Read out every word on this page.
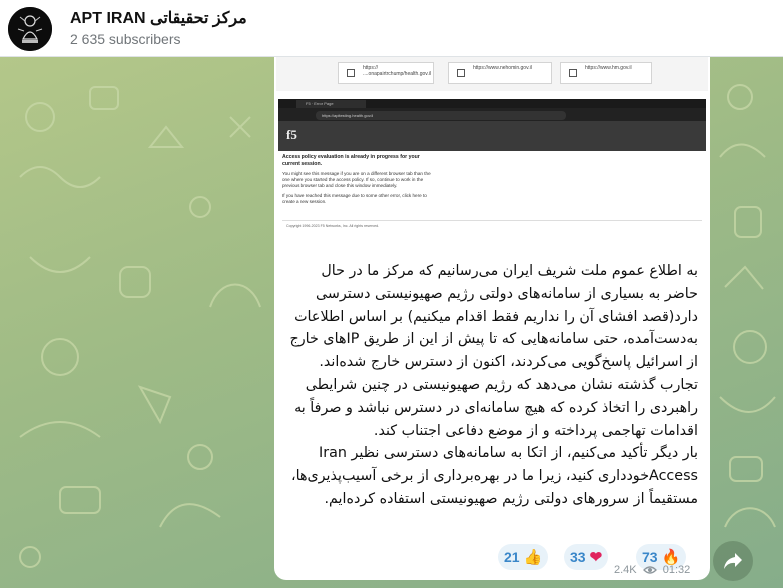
APT IRAN مرکز تحقیقاتی
2 635 subscribers
https://
....onapairtrchump/health.gov.il
https://www.nehomin.gov.il	https://www.hm.gov.il
F5 · Error Page
https://apitesting.health.gov.il
f5
Access policy evaluation is already in progress for your current session.
You might see this message if you are on a different browser tab than the one where you started the access policy. If so, continue to work in the previous browser tab and close this window immediately.
If you have reached this message due to some other error, click here to create a new session.
Copyright 1996-2023 F5 Networks, Inc. All rights reserved.

به اطلاع عموم ملت شریف ایران می‌رسانیم که مرکز ما در حال حاضر به بسیاری از سامانه‌های دولتی رژیم صهیونیستی دسترسی دارد(قصد افشای آن را نداریم فقط اقدام میکنیم) بر اساس اطلاعات به‌دست‌آمده، حتی سامانه‌هایی که تا پیش از این از طریق IPهای خارج از اسرائیل پاسخ‌گویی می‌کردند، اکنون از دسترس خارج شده‌اند. تجارب گذشته نشان می‌دهد که رژیم صهیونیستی در چنین شرایطی راهبردی را اتخاذ کرده که هیچ سامانه‌ای در دسترس نباشد و صرفاً به اقدامات تهاجمی پرداخته و از موضع دفاعی اجتناب کند.

بار دیگر تأکید می‌کنیم، از اتکا به سامانه‌های دسترسی نظیر Iran Accessخودداری کنید، زیرا ما در بهره‌برداری از برخی آسیب‌پذیری‌ها، مستقیماً از سرورهای دولتی رژیم صهیونیستی استفاده کرده‌ایم.

21 👍 33 ❤	73 🔥
2.4K 01:32
